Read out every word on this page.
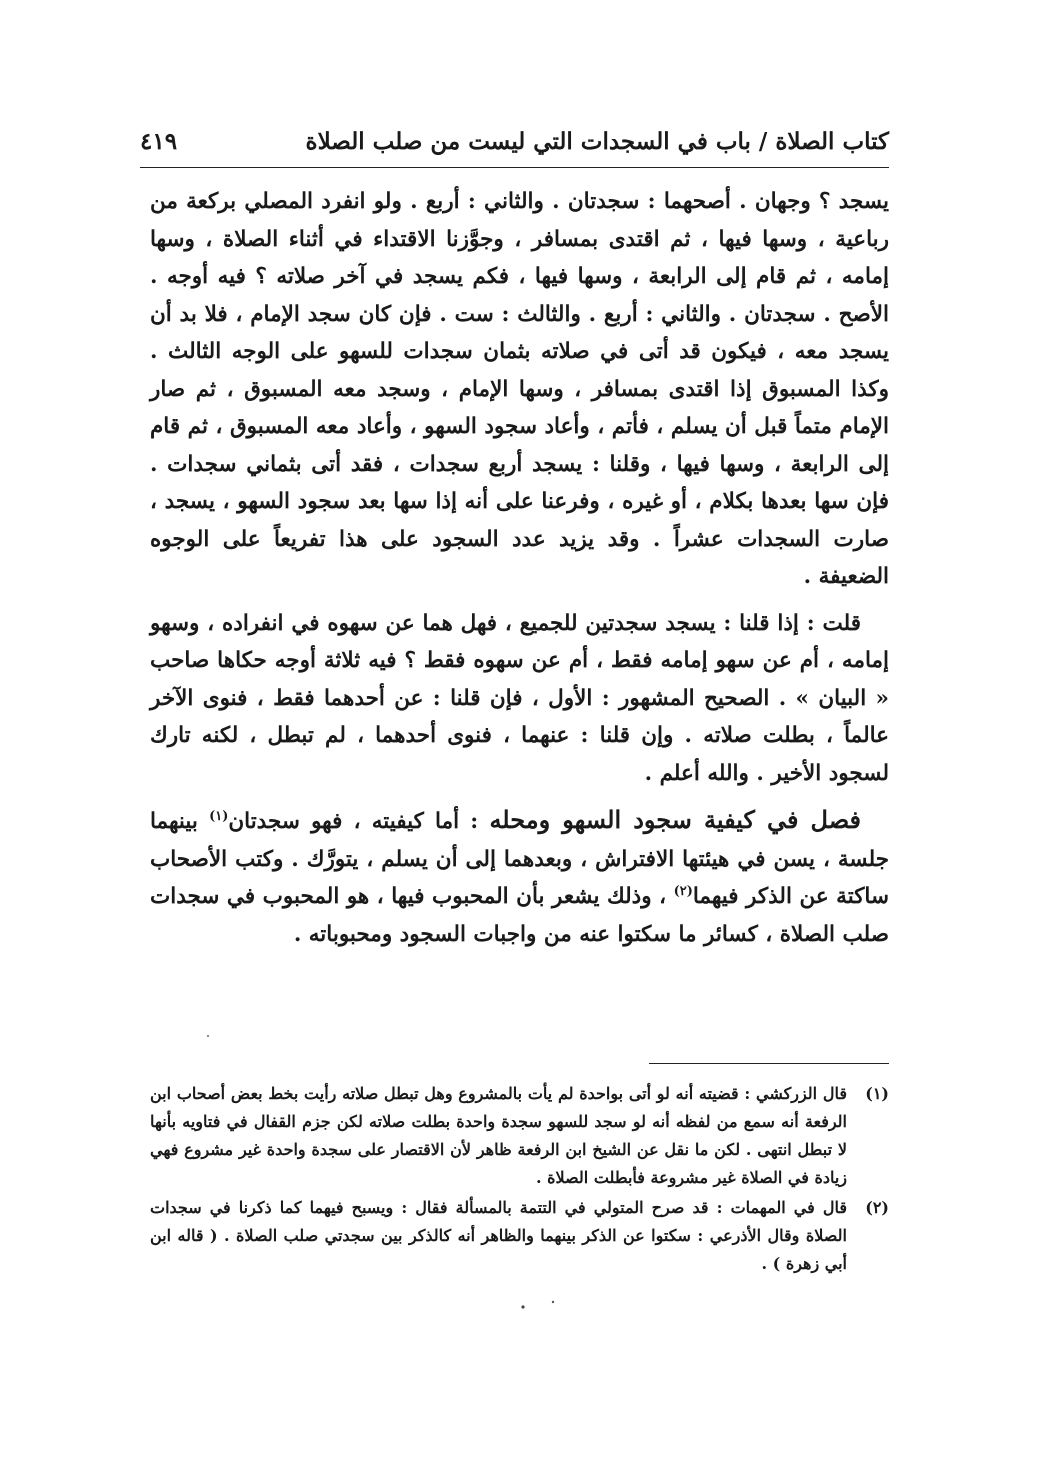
كتاب الصلاة / باب في السجدات التي ليست من صلب الصلاة
٤١٩

يسجد ؟ وجهان . أصحهما : سجدتان . والثاني : أربع . ولو انفرد المصلي بركعة من رباعية ، وسها فيها ، ثم اقتدى بمسافر ، وجوَّزنا الاقتداء في أثناء الصلاة ، وسها إمامه ، ثم قام إلى الرابعة ، وسها فيها ، فكم يسجد في آخر صلاته ؟ فيه أوجه . الأصح . سجدتان . والثاني : أربع . والثالث : ست . فإن كان سجد الإمام ، فلا بد أن يسجد معه ، فيكون قد أتى في صلاته بثمان سجدات للسهو على الوجه الثالث . وكذا المسبوق إذا اقتدى بمسافر ، وسها الإمام ، وسجد معه المسبوق ، ثم صار الإمام متماً قبل أن يسلم ، فأتم ، وأعاد سجود السهو ، وأعاد معه المسبوق ، ثم قام إلى الرابعة ، وسها فيها ، وقلنا : يسجد أربع سجدات ، فقد أتى بثماني سجدات . فإن سها بعدها بكلام ، أو غيره ، وفرعنا على أنه إذا سها بعد سجود السهو ، يسجد ، صارت السجدات عشراً . وقد يزيد عدد السجود على هذا تفريعاً على الوجوه الضعيفة .

قلت : إذا قلنا : يسجد سجدتين للجميع ، فهل هما عن سهوه في انفراده ، وسهو إمامه ، أم عن سهو إمامه فقط ، أم عن سهوه فقط ؟ فيه ثلاثة أوجه حكاها صاحب « البيان » . الصحيح المشهور : الأول ، فإن قلنا : عن أحدهما فقط ، فنوى الآخر عالماً ، بطلت صلاته . وإن قلنا : عنهما ، فنوى أحدهما ، لم تبطل ، لكنه تارك لسجود الأخير . والله أعلم .

فصل في كيفية سجود السهو ومحله : أما كيفيته ، فهو سجدتان$^{(١)}$ بينهما جلسة ، يسن في هيئتها الافتراش ، وبعدهما إلى أن يسلم ، يتورَّك . وكتب الأصحاب ساكتة عن الذكر فيهما$^{(٢)}$ ، وذلك يشعر بأن المحبوب فيها ، هو المحبوب في سجدات صلب الصلاة ، كسائر ما سكتوا عنه من واجبات السجود ومحبوباته .

(١)
قال الزركشي : قضيته أنه لو أتى بواحدة لم يأت بالمشروع وهل تبطل صلاته رأيت بخط بعض أصحاب ابن الرفعة أنه سمع من لفظه أنه لو سجد للسهو سجدة واحدة بطلت صلاته لكن جزم القفال في فتاويه بأنها لا تبطل انتهى . لكن ما نقل عن الشيخ ابن الرفعة ظاهر لأن الاقتصار على سجدة واحدة غير مشروع فهي زيادة في الصلاة غير مشروعة فأبطلت الصلاة .
(٢)
قال في المهمات : قد صرح المتولي في التتمة بالمسألة فقال : ويسبح فيهما كما ذكرنا في سجدات الصلاة وقال الأذرعي : سكتوا عن الذكر بينهما والظاهر أنه كالذكر بين سجدتي صلب الصلاة . ( قاله ابن أبي زهرة ) .
